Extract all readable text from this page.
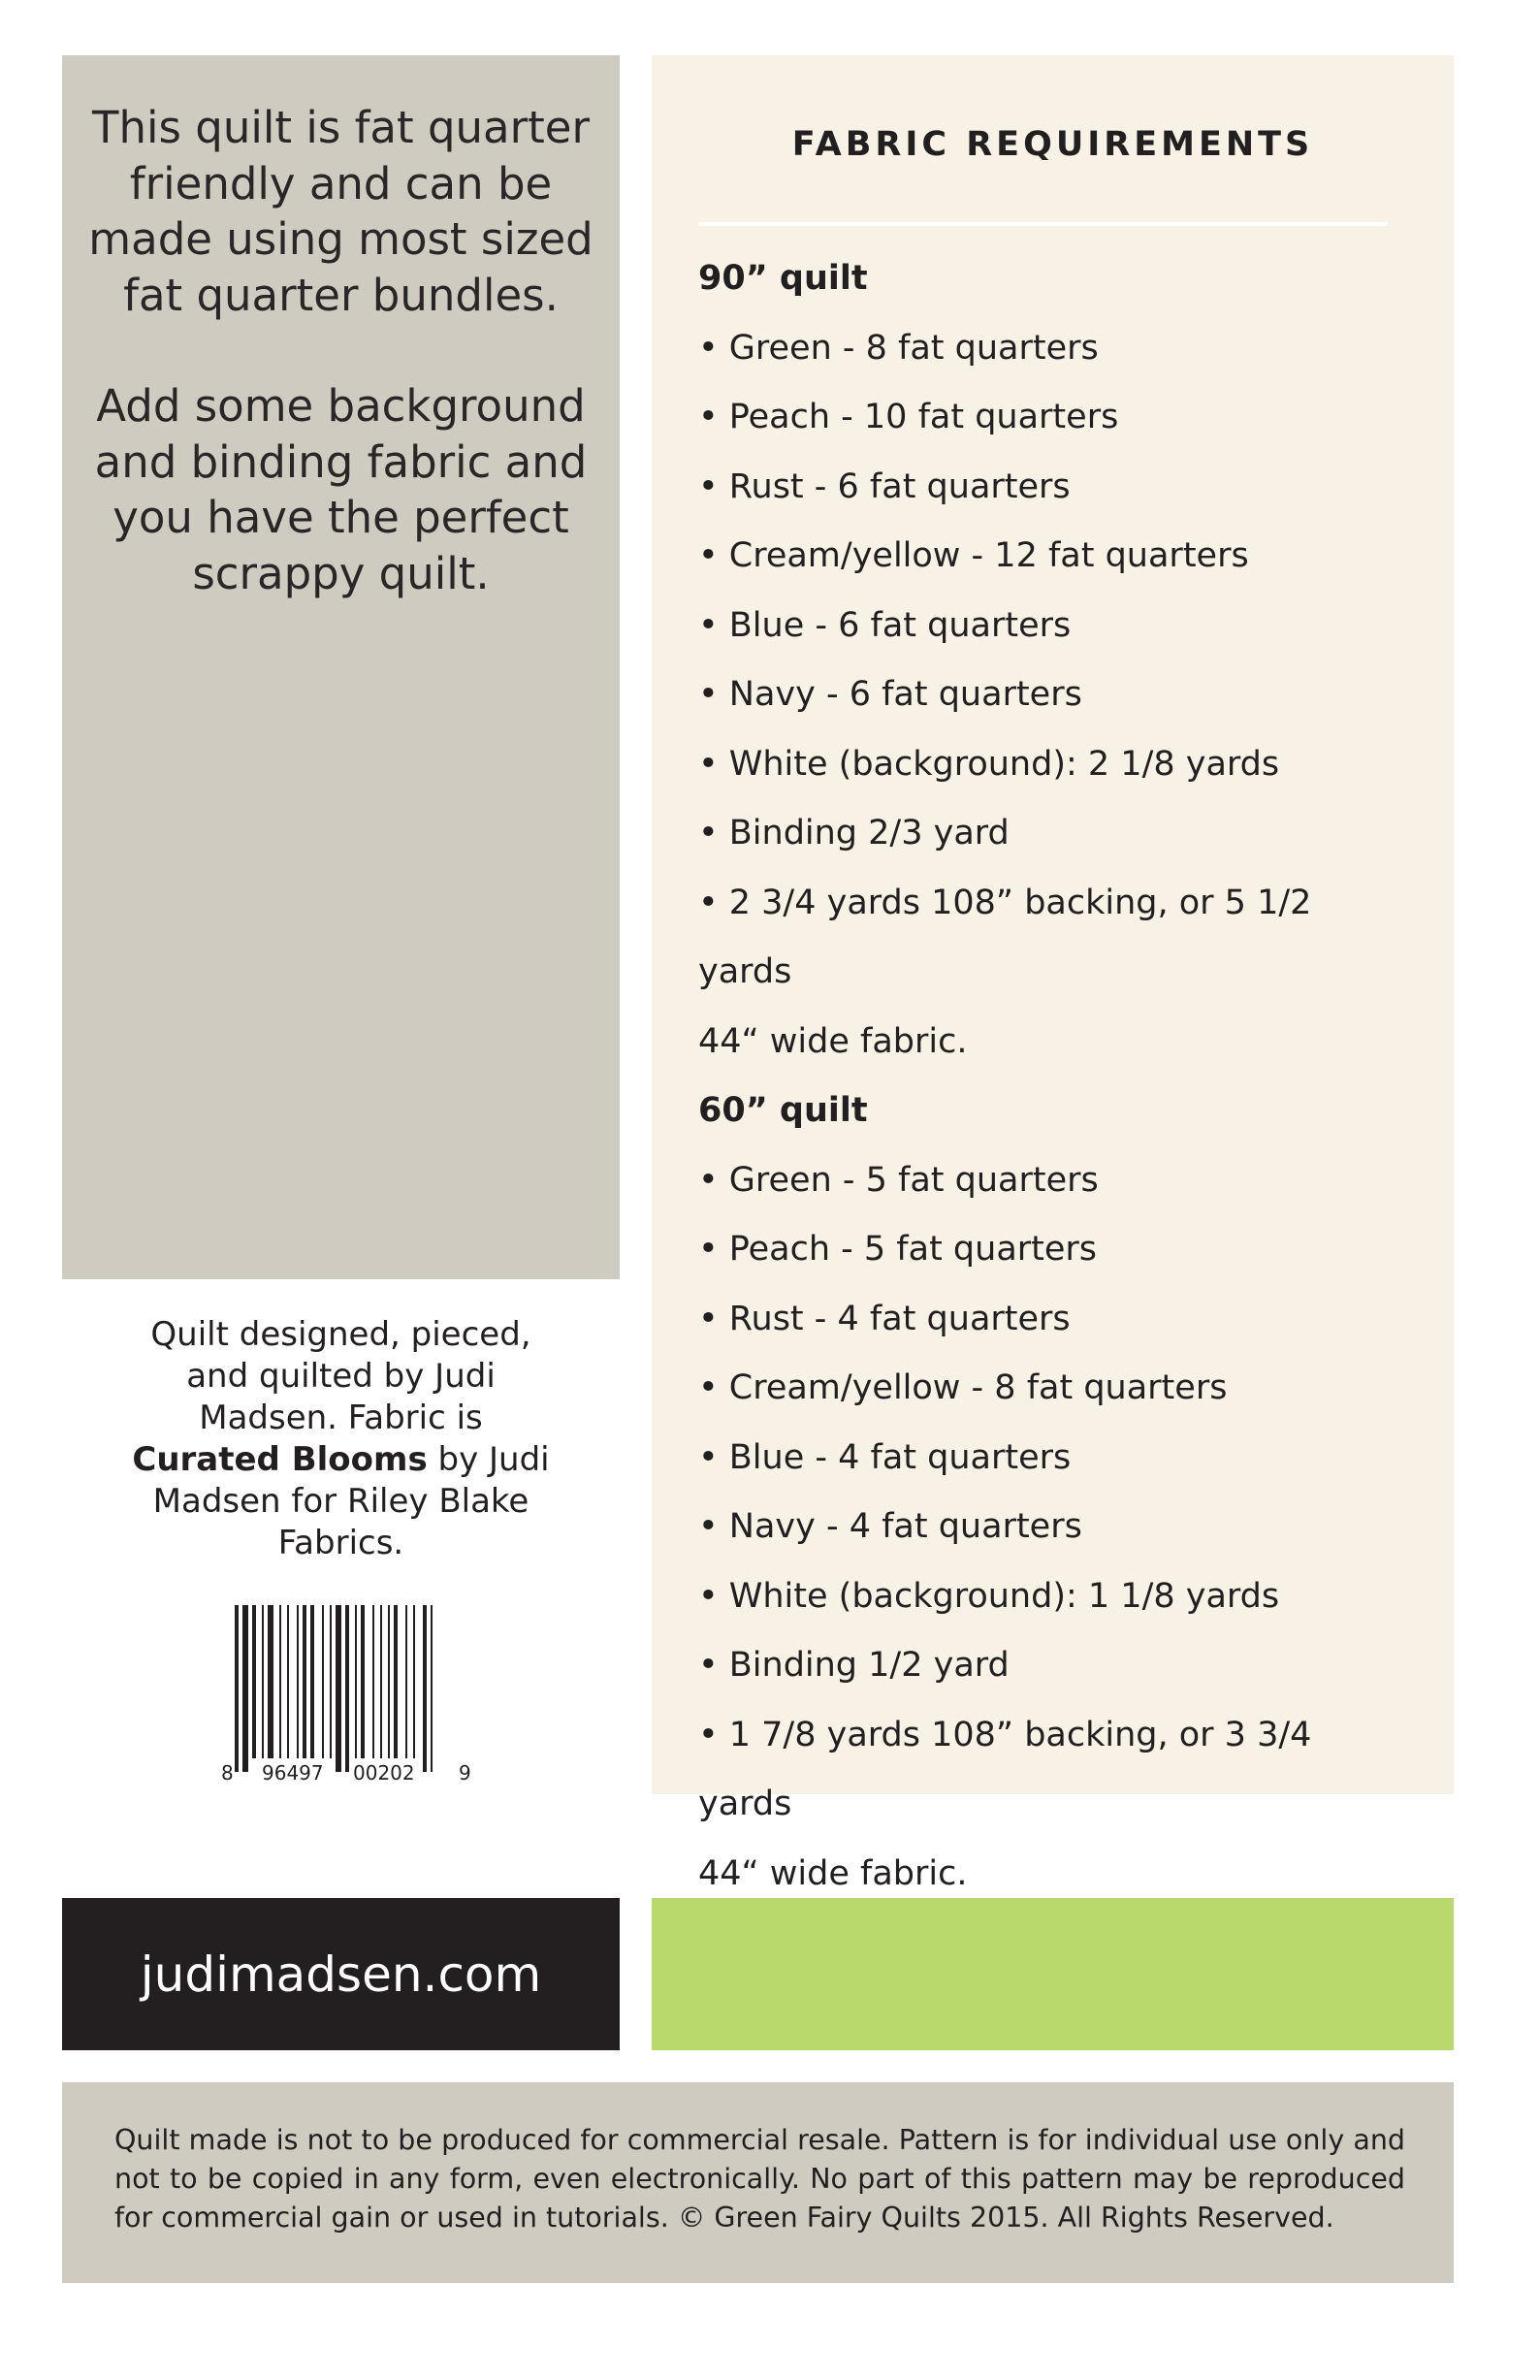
This quilt is fat quarter friendly and can be made using most sized fat quarter bundles.

Add some background and binding fabric and you have the perfect scrappy quilt.

FABRIC REQUIREMENTS
90” quilt
• Green - 8 fat quarters
• Peach - 10 fat quarters
• Rust - 6 fat quarters
• Cream/yellow - 12 fat quarters
• Blue - 6 fat quarters
• Navy - 6 fat quarters
• White (background): 2 1/8 yards
• Binding 2/3 yard
• 2 3/4 yards 108” backing, or 5 1/2 yards
44“ wide fabric.
60” quilt
• Green - 5 fat quarters
• Peach - 5 fat quarters
• Rust - 4 fat quarters
• Cream/yellow - 8 fat quarters
• Blue - 4 fat quarters
• Navy - 4 fat quarters
• White (background): 1 1/8 yards
• Binding 1/2 yard
• 1 7/8 yards 108” backing, or 3 3/4 yards
44“ wide fabric.
Quilt designed, pieced, and quilted by Judi Madsen. Fabric is Curated Blooms by Judi Madsen for Riley Blake Fabrics.
8 96497 00202 9
judimadsen.com

Quilt made is not to be produced for commercial resale. Pattern is for individual use only and not to be copied in any form, even electronically. No part of this pattern may be reproduced for commercial gain or used in tutorials. © Green Fairy Quilts 2015. All Rights Reserved.
